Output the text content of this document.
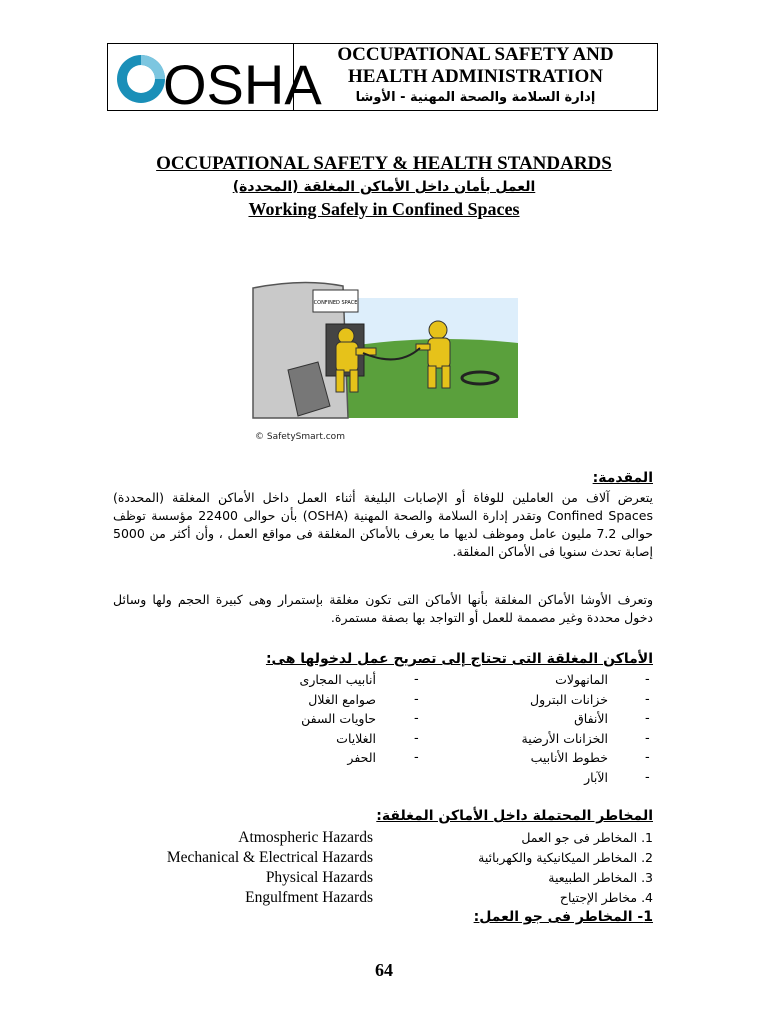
OSHA OCCUPATIONAL SAFETY AND
HEALTH ADMINISTRATION
إدارة السلامة والصحة المهنية - الأوشا
OCCUPATIONAL SAFETY & HEALTH STANDARDS
العمل بأمان داخل الأماكن المغلقة (المحددة)
Working Safely in Confined Spaces
CONFINED SPACE
© SafetySmart.com
المقدمة:
يتعرض آلاف من العاملين للوفاة أو الإصابات البليغة أثناء العمل داخل الأماكن المغلقة (المحددة) Confined Spaces وتقدر إدارة السلامة والصحة المهنية (OSHA) بأن حوالى 22400 مؤسسة توظف حوالى 7.2 مليون عامل وموظف لديها ما يعرف بالأماكن المغلقة فى مواقع العمل ، وأن أكثر من 5000 إصابة تحدث سنويا فى الأماكن المغلقة.
وتعرف الأوشا الأماكن المغلقة بأنها الأماكن التى تكون مغلقة بإستمرار وهى كبيرة الحجم ولها وسائل دخول محددة وغير مصممة للعمل أو التواجد بها بصفة مستمرة.
الأماكن المغلقة التى تحتاج إلى تصريح عمل لدخولها هى:
-
المانهولات
-
خزانات البترول
-
الأنفاق
-
الخزانات الأرضية
-
خطوط الأنابيب
-
الآبار
-
أنابيب المجارى
-
صوامع الغلال
-
حاويات السفن
-
الغلايات
-
الحفر
المخاطر المحتملة داخل الأماكن المغلقة:
1. المخاطر فى جو العمل
Atmospheric Hazards
2. المخاطر الميكانيكية والكهربائية
Mechanical & Electrical Hazards
3. المخاطر الطبيعية
Physical Hazards
4. مخاطر الإجتياح
Engulfment Hazards
1- المخاطر فى جو العمل:
64
